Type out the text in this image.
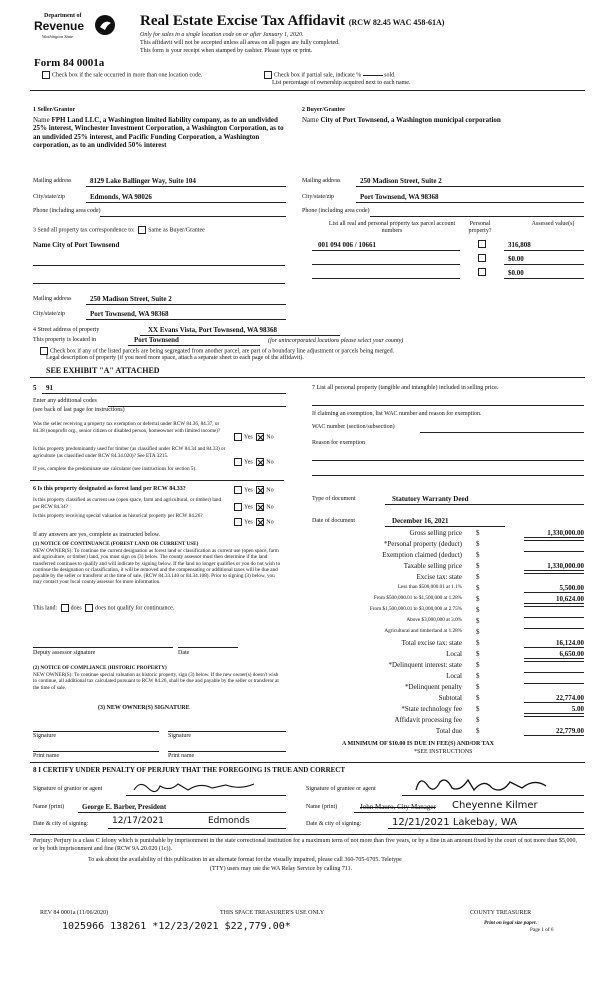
Department of
Revenue
Washington State
Real Estate Excise Tax Affidavit (RCW 82.45 WAC 458-61A)
Only for sales in a single location code on or after January 1, 2020.
This affidavit will not be accepted unless all areas on all pages are fully completed.
This form is your receipt when stamped by cashier. Please type or print.
Form 84 0001a
Check box if the sale occurred in more than one location code.	Check box if partial sale, indicate %	sold.
List percentage of ownership acquired next to each name.
1 Seller/Grantor
Name FPH Land LLC, a Washington limited liability company, as to an undivided 25% interest, Winchester Investment Corporation, a Washington Corporation, as to an undivided 25% interest, and Pacific Funding Corporation, a Washington corporation, as to an undivided 50% interest
Mailing address	8129 Lake Ballinger Way, Suite 104
City/state/zip	Edmonds, WA 98026
Phone (including area code)
2 Buyer/Grantee
Name City of Port Townsend, a Washington municipal corporation
Mailing address	250 Madison Street, Suite 2
City/state/zip	Port Townsend, WA 98368
Phone (including area code)
3 Send all property tax correspondence to: Same as Buyer/Grantee
Name City of Port Townsend
Mailing address	250 Madison Street, Suite 2
City/state/zip	Port Townsend, WA 98368
List all real and personal property tax parcel account numbers
Personal property?
Assessed value(s)
001 094 006 / 10661	316,808
$0.00
$0.00
4 Street address of property	XX Evans Vista, Port Townsend, WA 98368
This property is located in	Port Townsend	(for unincorporated locations please select your county)
Check box if any of the listed parcels are being segregated from another parcel, are part of a boundary line adjustment or parcels being merged.
Legal description of property (if you need more space, attach a separate sheet to each page of the affidavit).
SEE EXHIBIT "A" ATTACHED
5 91
Enter any additional codes
(see back of last page for instructions)
Was the seller receiving a property tax exemption or deferral under RCW 84.36, 84.37, or 84.38 (nonprofit org., senior citizen or disabled person, homeowner with limited income)?
Yes No
Is this property predominantly used for timber (as classified under RCW 84.34 and 84.33) or agriculture (as classified under RCW 84.34.020)? See ETA 3215.
Yes No
If yes, complete the predominate use calculator (see instructions for section 5).
6 Is this property designated as forest land per RCW 84.33?	Yes No
Is this property classified as current use (open space, farm and agricultural, or timber) land per RCW 84.34?	Yes No
Is this property receiving special valuation as historical property per RCW 84.26?
Yes No
If any answers are yes, complete as instructed below.
(1) NOTICE OF CONTINUANCE (FOREST LAND OR CURRENT USE)
NEW OWNER(S): To continue the current designation as forest land or classification as current use (open space, farm and agriculture, or timber) land, you must sign on (3) below. The county assessor must then determine if the land transferred continues to qualify and will indicate by signing below. If the land no longer qualifies or you do not wish to continue the designation or classification, it will be removed and the compensating or additional taxes will be due and payable by the seller or transferor at the time of sale. (RCW 84.33.140 or 84.34.108). Prior to signing (3) below, you may contact your local county assessor for more information.
This land: does does not qualify for continuance.
Deputy assessor signature	Date
(2) NOTICE OF COMPLIANCE (HISTORIC PROPERTY)
NEW OWNER(S): To continue special valuation as historic property, sign (3) below. If the new owner(s) doesn't wish to continue, all additional tax calculated pursuant to RCW 84.26, shall be due and payable by the seller or transferor at the time of sale.
(3) NEW OWNER(S) SIGNATURE
Signature	Signature
Print name	Print name
7 List all personal property (tangible and intangible) included in selling price.
If claiming an exemption, list WAC number and reason for exemption.
WAC number (section/subsection)
Reason for exemption
Type of document	Statutory Warranty Deed
Date of document	December 16, 2021
Gross selling price $	1,330,000.00
*Personal property (deduct) $
Exemption claimed (deduct) $
Taxable selling price $	1,330,000.00
Excise tax: state $
Less than $500,000.01 at 1.1% $	5,500.00
From $500,000.01 to $1,500,000 at 1.28% $	10,624.00
From $1,500,000.01 to $3,000,000 at 2.75% $
Above $3,000,000 at 3.0% $
Agricultural and timberland at 1.28% $
Total excise tax: state $	16,124.00
Local $	6,650.00
*Delinquent interest: state $
Local $
*Delinquent penalty $
Subtotal $	22,774.00
*State technology fee $	5.00
Affidavit processing fee $
Total due $	22,779.00
A MINIMUM OF $10.00 IS DUE IN FEE(S) AND/OR TAX
*SEE INSTRUCTIONS
8 I CERTIFY UNDER PENALTY OF PERJURY THAT THE FOREGOING IS TRUE AND CORRECT
Signature of grantor or agent
Name (print)	George E. Barber, President
Date & city of signing:	12/17/2021	Edmonds
Signature of grantee or agent
Name (print)	John Mauro, City Manager Cheyenne Kilmer
Date & city of signing:	12/21/2021 Lakebay, WA
Perjury: Perjury is a class C felony which is punishable by imprisonment in the state correctional institution for a maximum term of not more than five years, or by a fine in an amount fixed by the court of not more than $5,000, or by both imprisonment and fine (RCW 9A.20.020 (1c)).
To ask about the availability of this publication in an alternate format for the visually impaired, please call 360-705-6705. Teletype
(TTY) users may use the WA Relay Service by calling 711.
REV 84 0001a (11/06/2020)	THIS SPACE TREASURER'S USE ONLY
1025966 138261 *12/23/2021 $22,779.00*
COUNTY TREASURER
Print on legal size paper.
Page 1 of 6
